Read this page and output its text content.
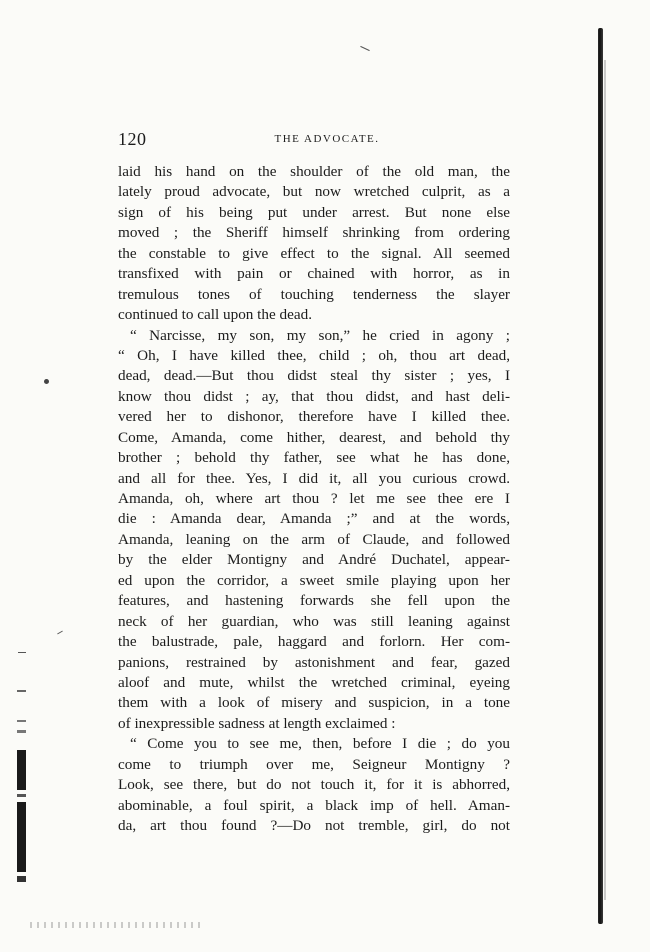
120	THE ADVOCATE.
laid his hand on the shoulder of the old man, the
lately proud advocate, but now wretched culprit, as a
sign of his being put under arrest. But none else
moved ; the Sheriff himself shrinking from ordering
the constable to give effect to the signal. All seemed
transfixed with pain or chained with horror, as in
tremulous tones of touching tenderness the slayer
continued to call upon the dead.
“ Narcisse, my son, my son,” he cried in agony ;
“ Oh, I have killed thee, child ; oh, thou art dead,
dead, dead.—But thou didst steal thy sister ; yes, I
know thou didst ; ay, that thou didst, and hast deli-
vered her to dishonor, therefore have I killed thee.
Come, Amanda, come hither, dearest, and behold thy
brother ; behold thy father, see what he has done,
and all for thee. Yes, I did it, all you curious crowd.
Amanda, oh, where art thou ? let me see thee ere I
die : Amanda dear, Amanda ;” and at the words,
Amanda, leaning on the arm of Claude, and followed
by the elder Montigny and André Duchatel, appear-
ed upon the corridor, a sweet smile playing upon her
features, and hastening forwards she fell upon the
neck of her guardian, who was still leaning against
the balustrade, pale, haggard and forlorn. Her com-
panions, restrained by astonishment and fear, gazed
aloof and mute, whilst the wretched criminal, eyeing
them with a look of misery and suspicion, in a tone
of inexpressible sadness at length exclaimed :
“ Come you to see me, then, before I die ; do you
come to triumph over me, Seigneur Montigny ?
Look, see there, but do not touch it, for it is abhorred,
abominable, a foul spirit, a black imp of hell. Aman-
da, art thou found ?—Do not tremble, girl, do not
